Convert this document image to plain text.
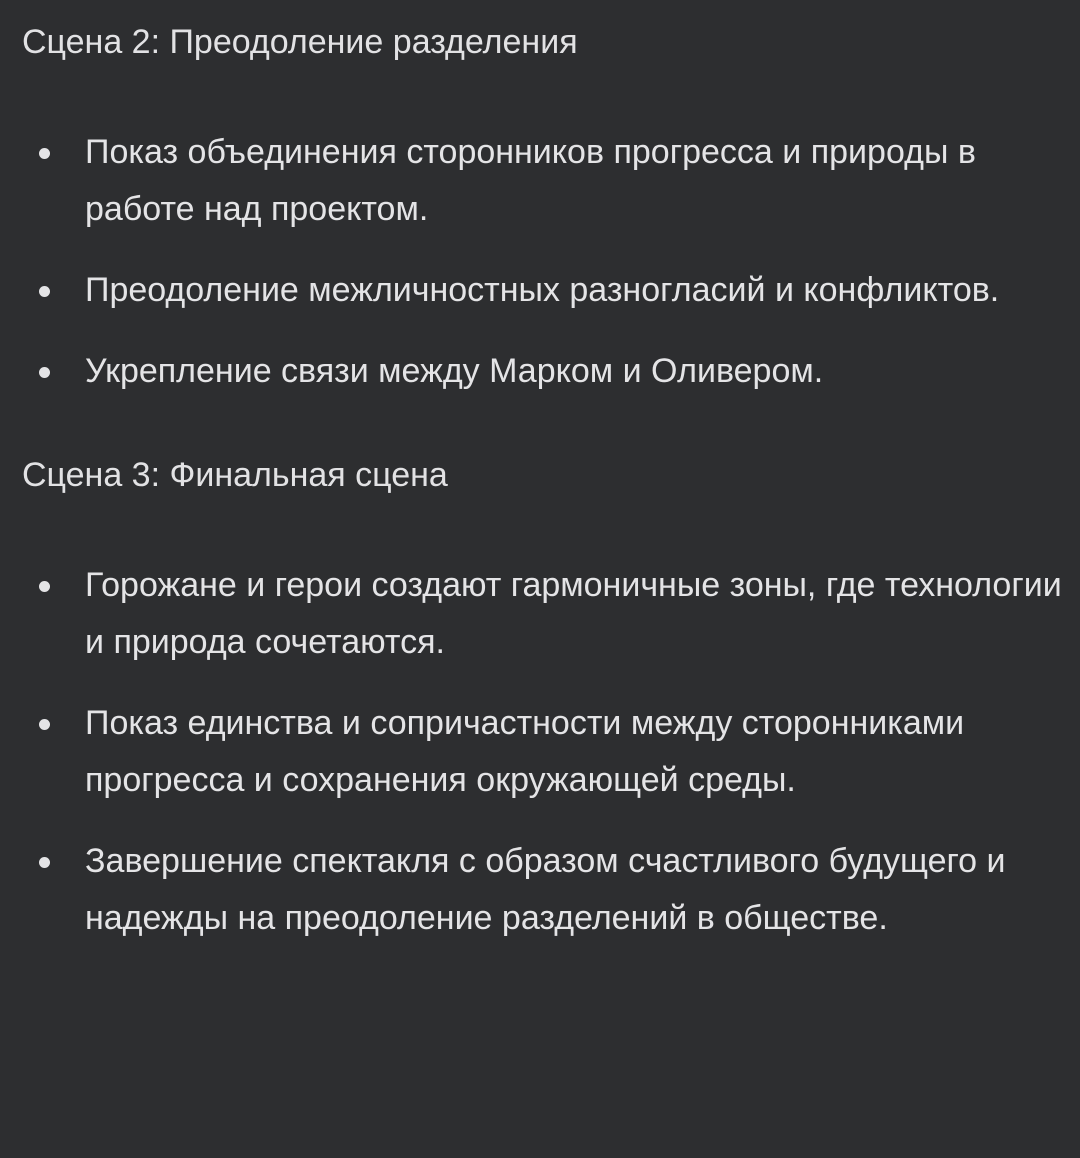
Сцена 2: Преодоление разделения
Показ объединения сторонников прогресса и природы в работе над проектом.
Преодоление межличностных разногласий и конфликтов.
Укрепление связи между Марком и Оливером.
Сцена 3: Финальная сцена
Горожане и герои создают гармоничные зоны, где технологии и природа сочетаются.
Показ единства и сопричастности между сторонниками прогресса и сохранения окружающей среды.
Завершение спектакля с образом счастливого будущего и надежды на преодоление разделений в обществе.
